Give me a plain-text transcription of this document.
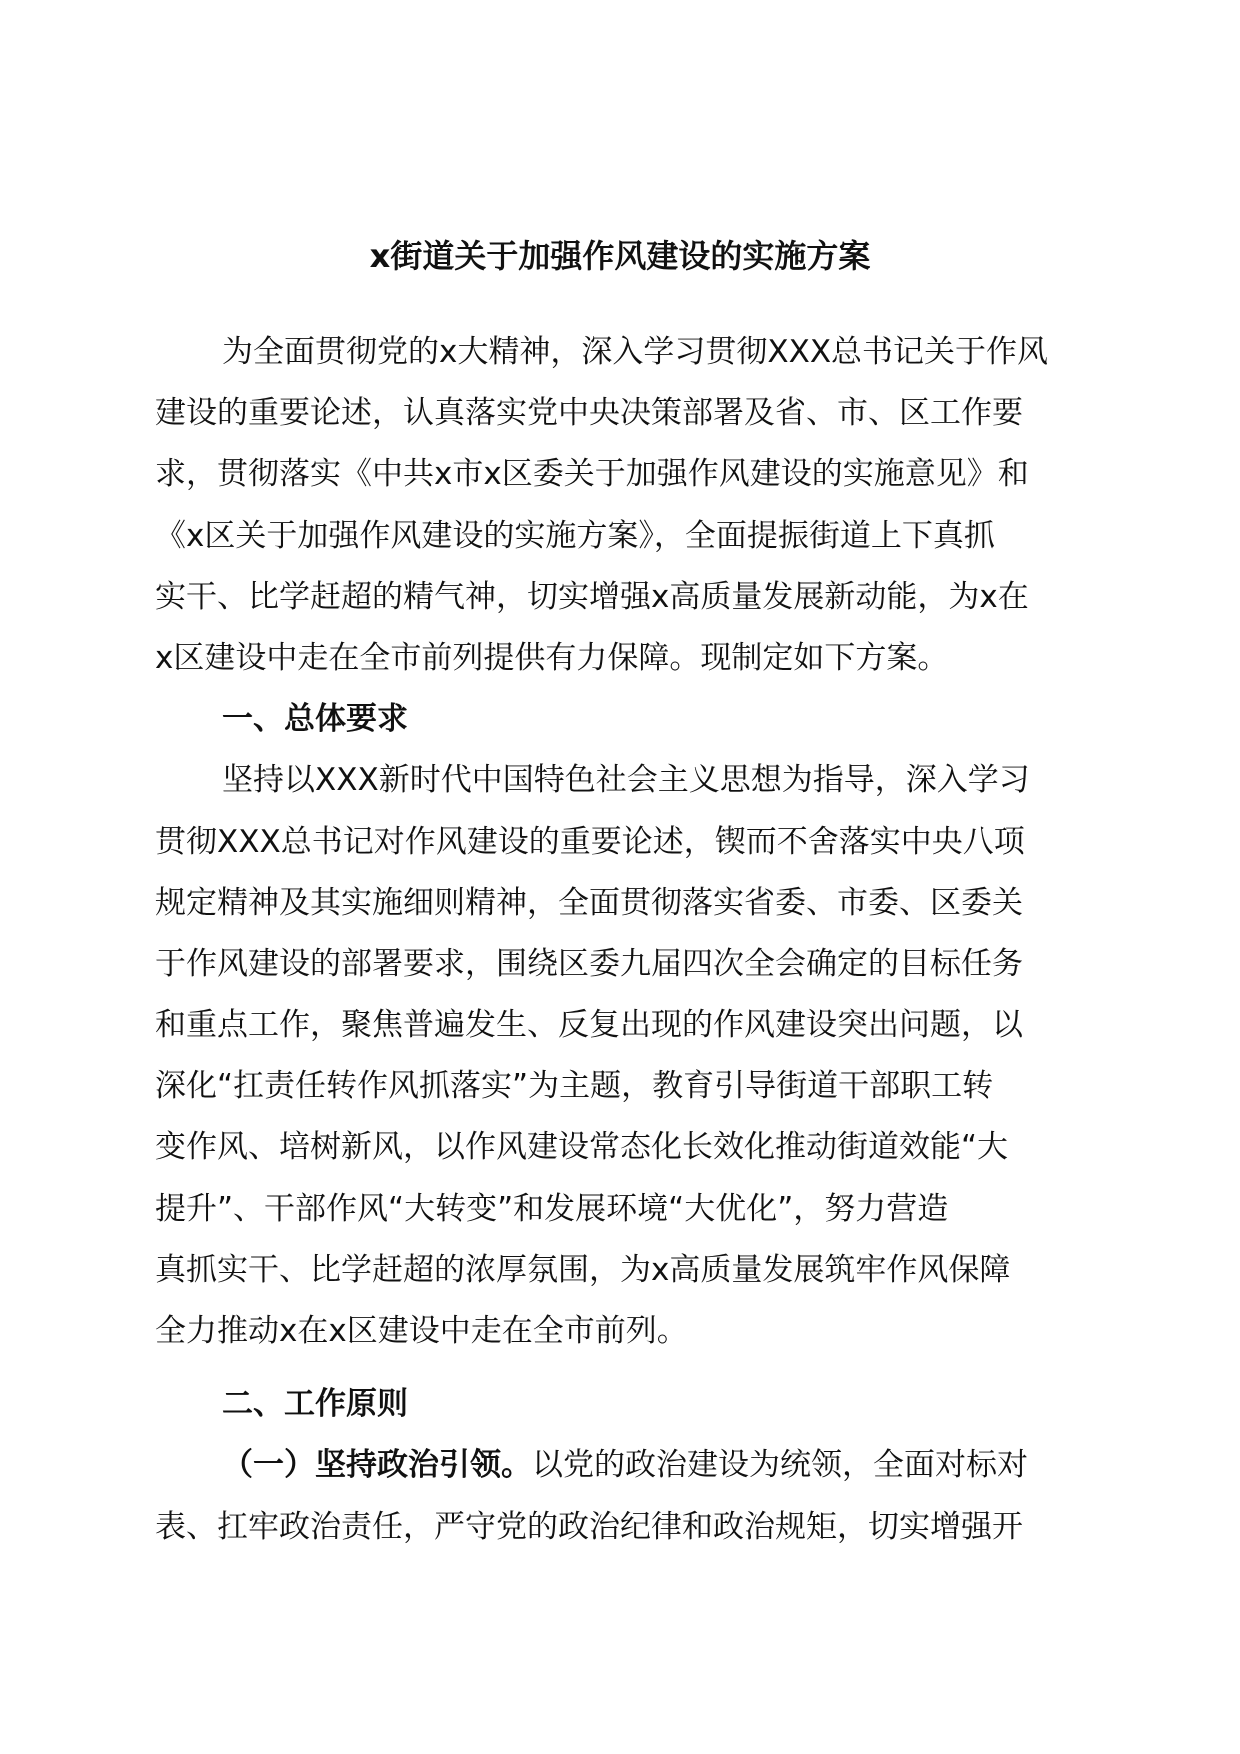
x街道关于加强作风建设的实施方案
为全面贯彻党的x大精神，深入学习贯彻XXX总书记关于作风
建设的重要论述，认真落实党中央决策部署及省、市、区工作要
求，贯彻落实《中共x市x区委关于加强作风建设的实施意见》和
《x区关于加强作风建设的实施方案》，全面提振街道上下真抓
实干、比学赶超的精气神，切实增强x高质量发展新动能，为x在
x区建设中走在全市前列提供有力保障。现制定如下方案。
一、总体要求
坚持以XXX新时代中国特色社会主义思想为指导，深入学习
贯彻XXX总书记对作风建设的重要论述，锲而不舍落实中央八项
规定精神及其实施细则精神，全面贯彻落实省委、市委、区委关
于作风建设的部署要求，围绕区委九届四次全会确定的目标任务
和重点工作，聚焦普遍发生、反复出现的作风建设突出问题，以
深化“扛责任转作风抓落实”为主题，教育引导街道干部职工转
变作风、培树新风，以作风建设常态化长效化推动街道效能“大
提升”、干部作风“大转变”和发展环境“大优化”，努力营造
真抓实干、比学赶超的浓厚氛围，为x高质量发展筑牢作风保障
全力推动x在x区建设中走在全市前列。
二、工作原则
（一）坚持政治引领。以党的政治建设为统领，全面对标对
表、扛牢政治责任，严守党的政治纪律和政治规矩，切实增强开
